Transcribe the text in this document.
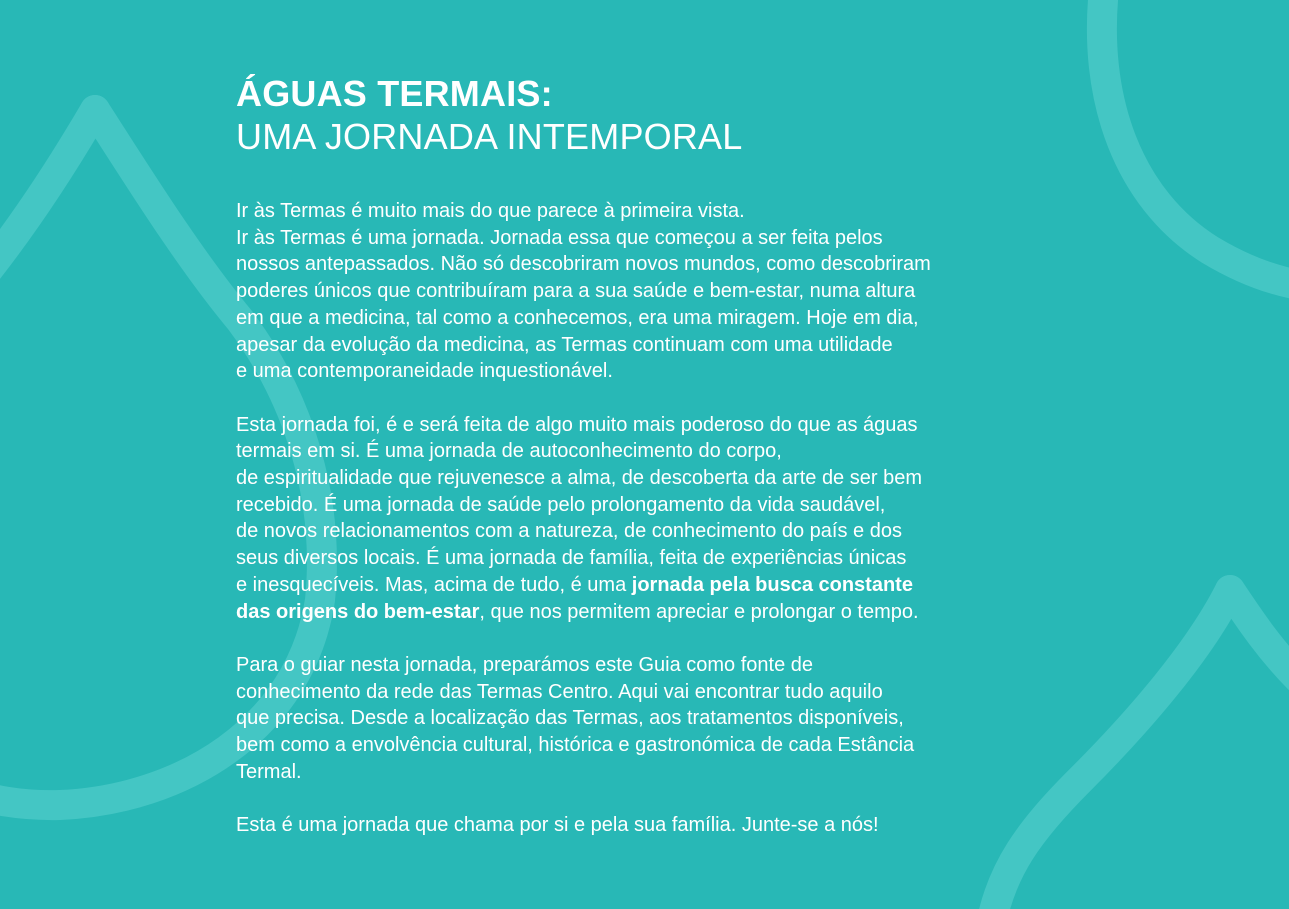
ÁGUAS TERMAIS:
UMA JORNADA INTEMPORAL

Ir às Termas é muito mais do que parece à primeira vista.
Ir às Termas é uma jornada. Jornada essa que começou a ser feita pelos
nossos antepassados. Não só descobriram novos mundos, como descobriram
poderes únicos que contribuíram para a sua saúde e bem-estar, numa altura
em que a medicina, tal como a conhecemos, era uma miragem. Hoje em dia,
apesar da evolução da medicina, as Termas continuam com uma utilidade
e uma contemporaneidade inquestionável.

Esta jornada foi, é e será feita de algo muito mais poderoso do que as águas
termais em si. É uma jornada de autoconhecimento do corpo,
de espiritualidade que rejuvenesce a alma, de descoberta da arte de ser bem
recebido. É uma jornada de saúde pelo prolongamento da vida saudável,
de novos relacionamentos com a natureza, de conhecimento do país e dos
seus diversos locais. É uma jornada de família, feita de experiências únicas
e inesquecíveis. Mas, acima de tudo, é uma jornada pela busca constante
das origens do bem-estar, que nos permitem apreciar e prolongar o tempo.

Para o guiar nesta jornada, preparámos este Guia como fonte de
conhecimento da rede das Termas Centro. Aqui vai encontrar tudo aquilo
que precisa. Desde a localização das Termas, aos tratamentos disponíveis,
bem como a envolvência cultural, histórica e gastronómica de cada Estância
Termal.

Esta é uma jornada que chama por si e pela sua família. Junte-se a nós!
